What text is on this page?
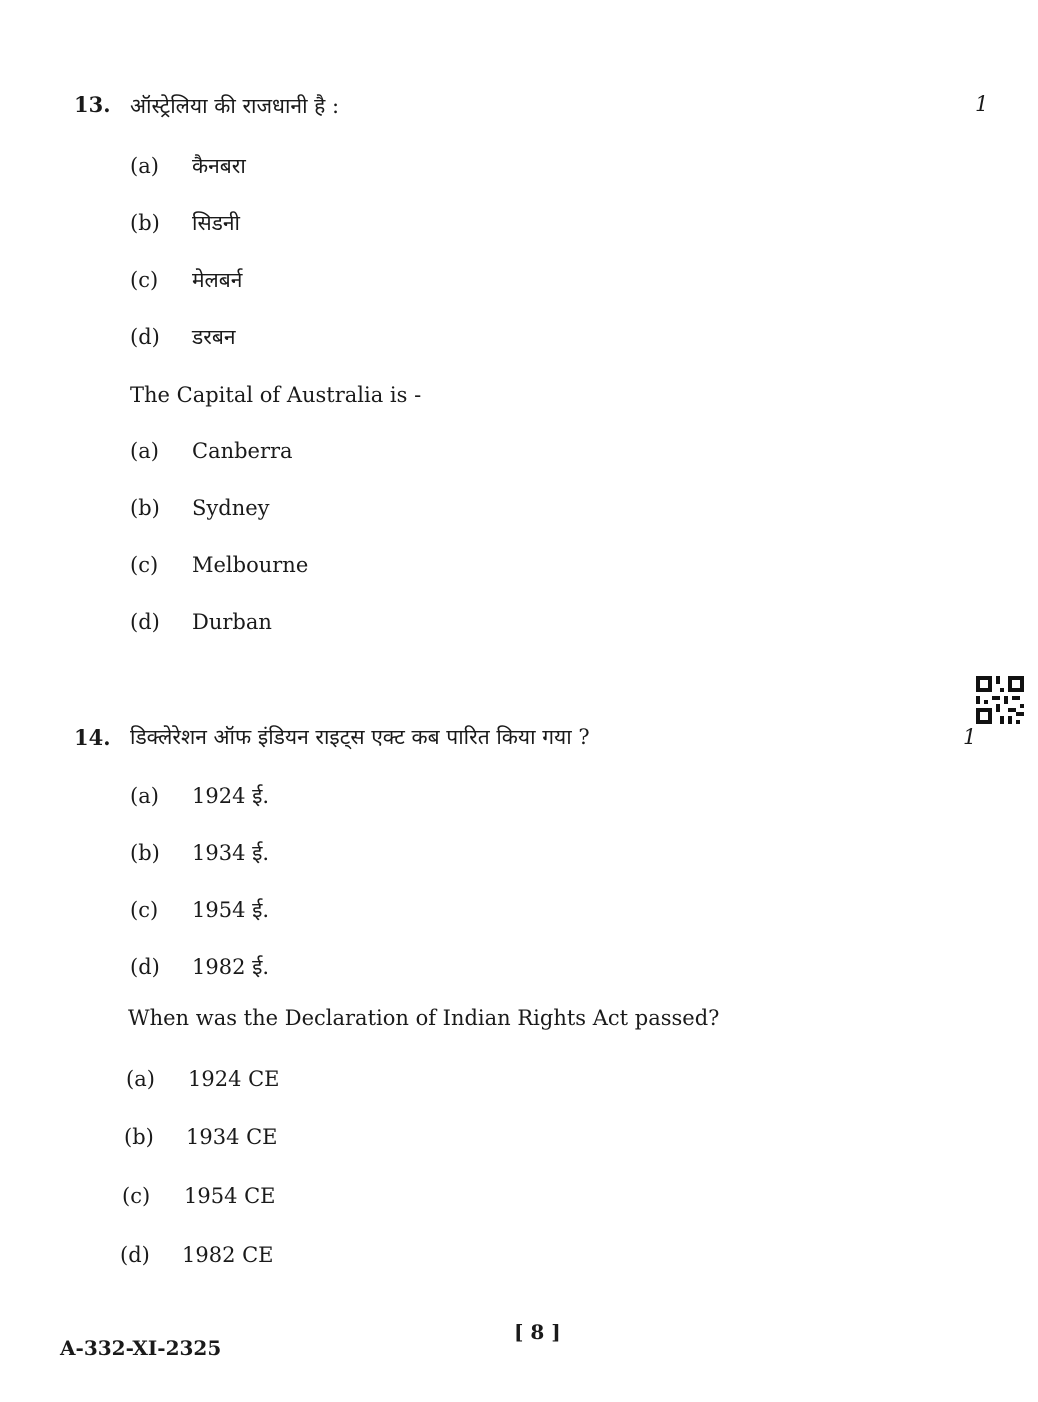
13. ऑस्ट्रेलिया की राजधानी है :	1
(a) कैनबरा
(b) सिडनी
(c) मेलबर्न
(d) डरबन
The Capital of Australia is -
(a) Canberra
(b) Sydney
(c) Melbourne
(d) Durban
14. डिक्लेरेशन ऑफ इंडियन राइट्स एक्ट कब पारित किया गया ?	1
(a) 1924 ई.
(b) 1934 ई.
(c) 1954 ई.
(d) 1982 ई.
When was the Declaration of Indian Rights Act passed?
(a) 1924 CE
(b) 1934 CE
(c) 1954 CE
(d) 1982 CE
[ 8 ]
A-332-XI-2325
